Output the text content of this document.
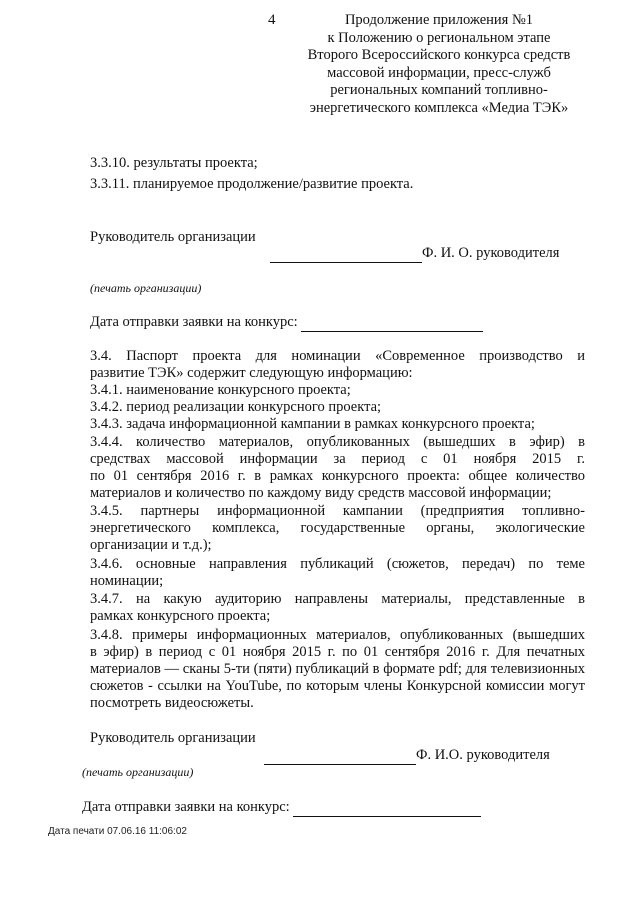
4	Продолжение приложения №1
к Положению о региональном этапе
Второго Всероссийского конкурса средств
массовой информации, пресс-служб
региональных компаний топливно-
энергетического комплекса «Медиа ТЭК»
3.3.10. результаты проекта;
3.3.11. планируемое продолжение/развитие проекта.
Руководитель организации
Ф. И. О. руководителя
(печать организации)
Дата отправки заявки на конкурс:
3.4. Паспорт проекта для номинации «Современное производство и
развитие ТЭК» содержит следующую информацию:
3.4.1. наименование конкурсного проекта;
3.4.2. период реализации конкурсного проекта;
3.4.3. задача информационной кампании в рамках конкурсного проекта;
3.4.4. количество материалов, опубликованных (вышедших в эфир) в
средствах массовой информации за период с 01 ноября 2015 г.
по 01 сентября 2016 г. в рамках конкурсного проекта: общее количество
материалов и количество по каждому виду средств массовой информации;
3.4.5. партнеры информационной кампании (предприятия топливно-
энергетического комплекса, государственные органы, экологические
организации и т.д.);
3.4.6. основные направления публикаций (сюжетов, передач) по теме
номинации;
3.4.7. на какую аудиторию направлены материалы, представленные в
рамках конкурсного проекта;
3.4.8. примеры информационных материалов, опубликованных (вышедших
в эфир) в период с 01 ноября 2015 г. по 01 сентября 2016 г. Для печатных
материалов — сканы 5-ти (пяти) публикаций в формате pdf; для телевизионных
сюжетов - ссылки на YouTube, по которым члены Конкурсной комиссии могут
посмотреть видеосюжеты.
Руководитель организации
Ф. И.О. руководителя
(печать организации)
Дата отправки заявки на конкурс:
Дата печати 07.06.16 11:06:02
